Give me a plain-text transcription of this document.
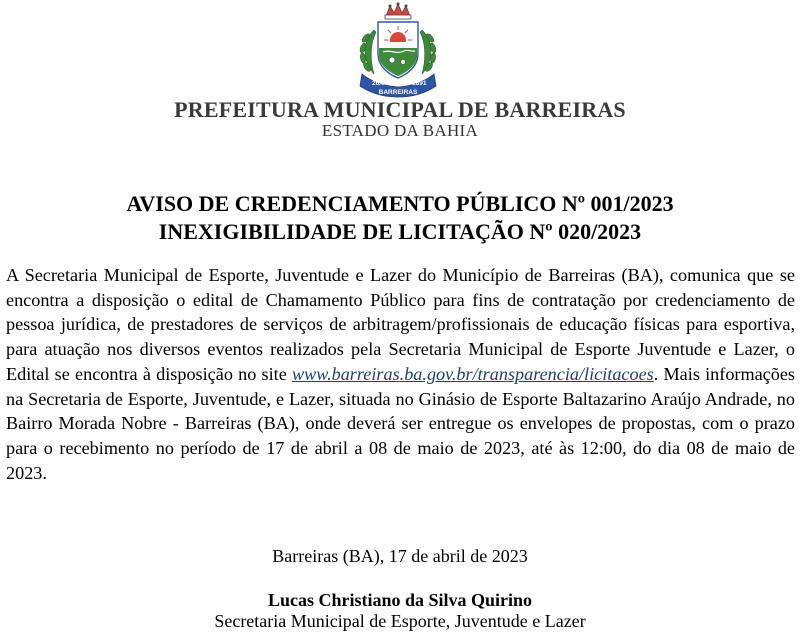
26/05	1891
BARREIRAS
PREFEITURA MUNICIPAL DE BARREIRAS
ESTADO DA BAHIA
AVISO DE CREDENCIAMENTO PÚBLICO Nº 001/2023
INEXIGIBILIDADE DE LICITAÇÃO Nº 020/2023
A Secretaria Municipal de Esporte, Juventude e Lazer do Município de Barreiras (BA), comunica que se encontra a disposição o edital de Chamamento Público para fins de contratação por credenciamento de pessoa jurídica, de prestadores de serviços de arbitragem/profissionais de educação físicas para esportiva, para atuação nos diversos eventos realizados pela Secretaria Municipal de Esporte Juventude e Lazer, o Edital se encontra à disposição no site www.barreiras.ba.gov.br/transparencia/licitacoes. Mais informações na Secretaria de Esporte, Juventude, e Lazer, situada no Ginásio de Esporte Baltazarino Araújo Andrade, no Bairro Morada Nobre - Barreiras (BA), onde deverá ser entregue os envelopes de propostas, com o prazo para o recebimento no período de 17 de abril a 08 de maio de 2023, até às 12:00, do dia 08 de maio de 2023.
Barreiras (BA), 17 de abril de 2023
Lucas Christiano da Silva Quirino
Secretaria Municipal de Esporte, Juventude e Lazer
